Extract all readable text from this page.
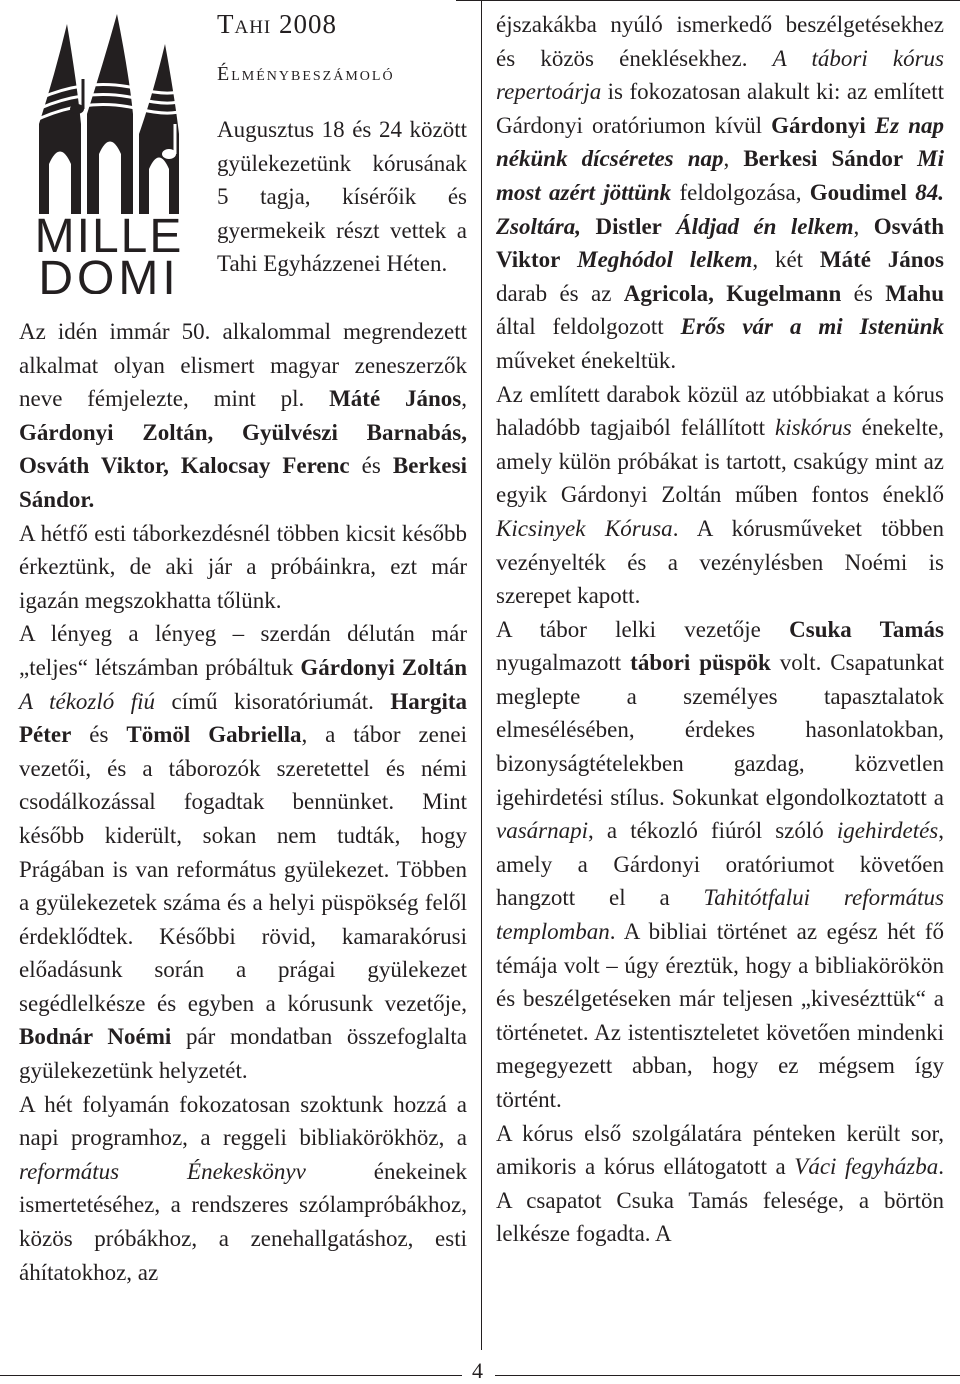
MILLE
DOMI
Tahi 2008
Élménybeszámoló

Augusztus 18 és 24 között gyülekezetünk kórusának 5 tagja, kísérőik és gyermekeik részt vettek a Tahi Egyházzenei Héten.

Az idén immár 50. alkalommal megrendezett alkalmat olyan elismert magyar zeneszerzők neve fémjelezte, mint pl. Máté János, Gárdonyi Zoltán, Gyülvészi Barnabás, Osváth Viktor, Kalocsay Ferenc és Berkesi Sándor.

A hétfő esti táborkezdésnél többen kicsit később érkeztünk, de aki jár a próbáinkra, ezt már igazán megszokhatta tőlünk.

A lényeg a lényeg – szerdán délután már „teljes“ létszámban próbáltuk Gárdonyi Zoltán A tékozló fiú című kisoratóriumát. Hargita Péter és Tömöl Gabriella, a tábor zenei vezetői, és a táborozók szeretettel és némi csodálkozással fogadtak bennünket. Mint később kiderült, sokan nem tudták, hogy Prágában is van református gyülekezet. Többen a gyülekezetek száma és a helyi püspökség felől érdeklődtek. Későbbi rövid, kamarakórusi előadásunk során a prágai gyülekezet segédlelkésze és egyben a kórusunk vezetője, Bodnár Noémi pár mondatban összefoglalta gyülekezetünk helyzetét.

A hét folyamán fokozatosan szoktunk hozzá a napi programhoz, a reggeli bibliakörökhöz, a református Énekeskönyv énekeinek ismertetéséhez, a rendszeres szólampróbákhoz, közös próbákhoz, a zenehallgatáshoz, esti áhítatokhoz, az

éjszakákba nyúló ismerkedő beszélgetésekhez és közös éneklésekhez. A tábori kórus repertoárja is fokozatosan alakult ki: az említett Gárdonyi oratóriumon kívül Gárdonyi Ez nap nékünk dícséretes nap, Berkesi Sándor Mi most azért jöttünk feldolgozása, Goudimel 84. Zsoltára, Distler Áldjad én lelkem, Osváth Viktor Meghódol lelkem, két Máté János darab és az Agricola, Kugelmann és Mahu által feldolgozott Erős vár a mi Istenünk műveket énekeltük.

Az említett darabok közül az utóbbiakat a kórus haladóbb tagjaiból felállított kiskórus énekelte, amely külön próbákat is tartott, csakúgy mint az egyik Gárdonyi Zoltán műben fontos éneklő Kicsinyek Kórusa. A kórusműveket többen vezényelték és a vezénylésben Noémi is szerepet kapott.

A tábor lelki vezetője Csuka Tamás nyugalmazott tábori püspök volt. Csapatunkat meglepte a személyes tapasztalatok elmesélésében, érdekes hasonlatokban, bizonyságtételekben gazdag, közvetlen igehirdetési stílus. Sokunkat elgondolkoztatott a vasárnapi, a tékozló fiúról szóló igehirdetés, amely a Gárdonyi oratóriumot követően hangzott el a Tahitótfalui református templomban. A bibliai történet az egész hét fő témája volt – úgy éreztük, hogy a bibliakörökön és beszélgetéseken már teljesen „kivesézttük“ a történetet. Az istentiszteletet követően mindenki megegyezett abban, hogy ez mégsem így történt.

A kórus első szolgálatára pénteken került sor, amikoris a kórus ellátogatott a Váci fegyházba. A csapatot Csuka Tamás felesége, a börtön lelkésze fogadta. A

4
